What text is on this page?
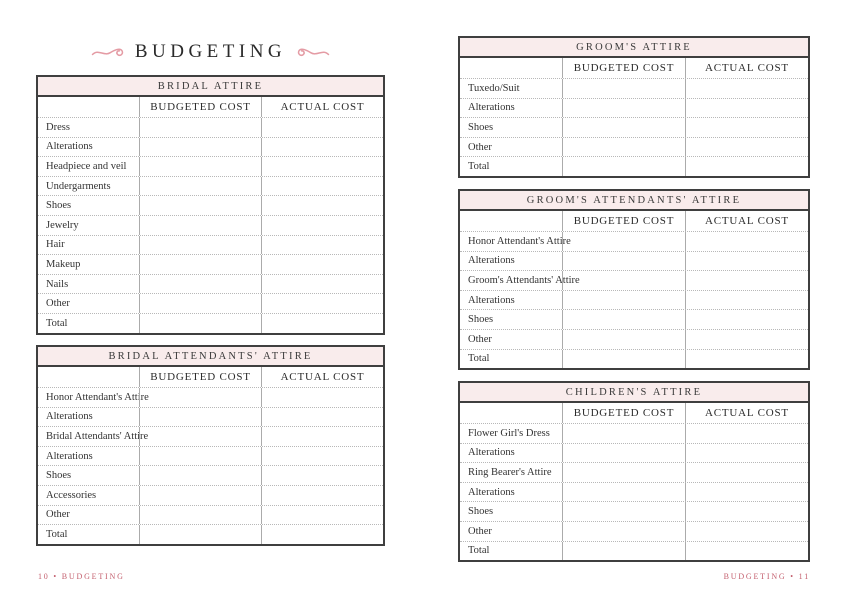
BUDGETING
BRIDAL ATTIRE
BUDGETED COST	ACTUAL COST
Dress
Alterations
Headpiece and veil
Undergarments
Shoes
Jewelry
Hair
Makeup
Nails
Other
Total
BRIDAL ATTENDANTS' ATTIRE
BUDGETED COST	ACTUAL COST
Honor Attendant's Attire
Alterations
Bridal Attendants' Attire
Alterations
Shoes
Accessories
Other
Total
10 • BUDGETING
GROOM'S ATTIRE
BUDGETED COST	ACTUAL COST
Tuxedo/Suit
Alterations
Shoes
Other
Total
GROOM'S ATTENDANTS' ATTIRE
BUDGETED COST	ACTUAL COST
Honor Attendant's Attire
Alterations
Groom's Attendants' Attire
Alterations
Shoes
Other
Total
CHILDREN'S ATTIRE
BUDGETED COST	ACTUAL COST
Flower Girl's Dress
Alterations
Ring Bearer's Attire
Alterations
Shoes
Other
Total
BUDGETING • 11
